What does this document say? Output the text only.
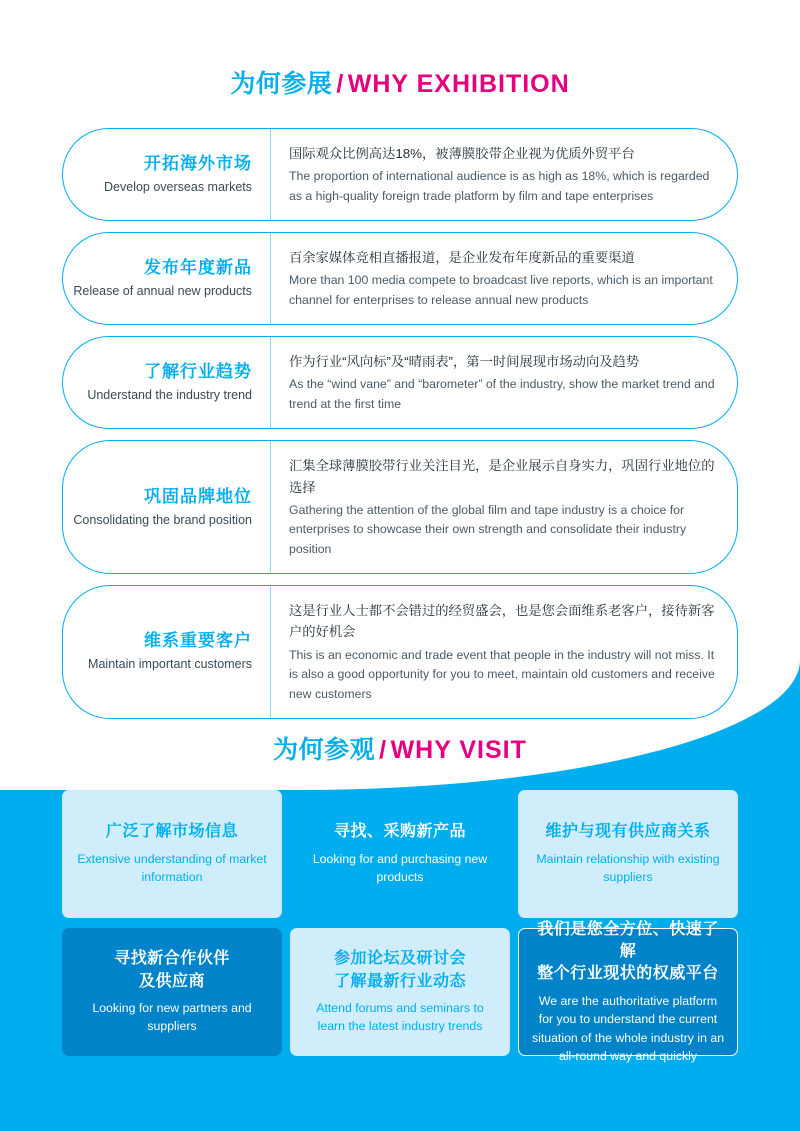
为何参展 / WHY EXHIBITION
开拓海外市场
Develop overseas markets
国际观众比例高达18%，被薄膜胶带企业视为优质外贸平台
The proportion of international audience is as high as 18%, which is regarded as a high-quality foreign trade platform by film and tape enterprises
发布年度新品
Release of annual new products
百余家媒体竞相直播报道，是企业发布年度新品的重要渠道
More than 100 media compete to broadcast live reports, which is an important channel for enterprises to release annual new products
了解行业趋势
Understand the industry trend
作为行业“风向标”及“晴雨表”，第一时间展现市场动向及趋势
As the “wind vane” and “barometer” of the industry, show the market trend and trend at the first time
巩固品牌地位
Consolidating the brand position
汇集全球薄膜胶带行业关注目光，是企业展示自身实力，巩固行业地位的选择
Gathering the attention of the global film and tape industry is a choice for enterprises to showcase their own strength and consolidate their industry position
维系重要客户
Maintain important customers
这是行业人士都不会错过的经贸盛会，也是您会面维系老客户，接待新客户的好机会
This is an economic and trade event that people in the industry will not miss. It is also a good opportunity for you to meet, maintain old customers and receive new customers
为何参观 / WHY VISIT
广泛了解市场信息
Extensive understanding of market information
寻找、采购新产品
Looking for and purchasing new products
维护与现有供应商关系
Maintain relationship with existing suppliers
寻找新合作伙伴
及供应商
Looking for new partners and suppliers
参加论坛及研讨会
了解最新行业动态
Attend forums and seminars to learn the latest industry trends
我们是您全方位、快速了解
整个行业现状的权威平台
We are the authoritative platform for you to understand the current situation of the whole industry in an all-round way and quickly
